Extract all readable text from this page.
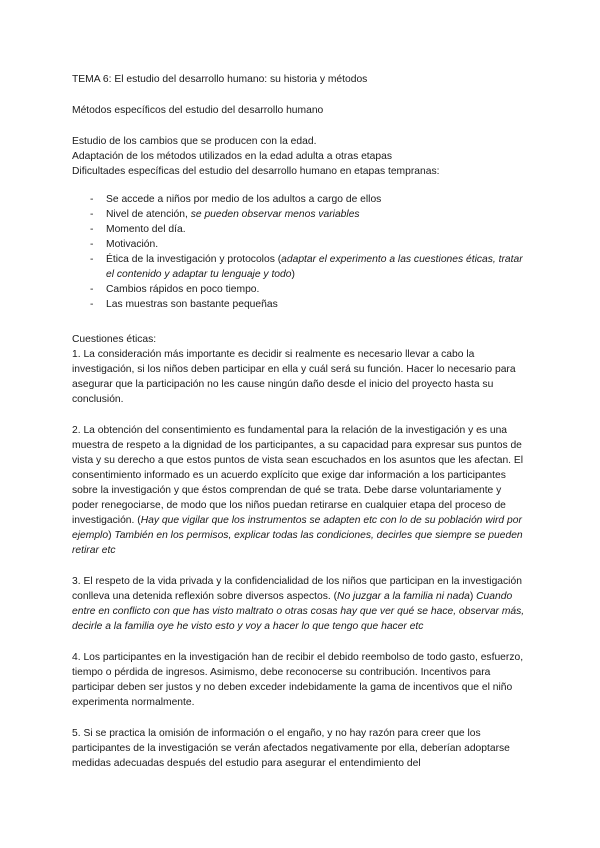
TEMA 6: El estudio del desarrollo humano: su historia y métodos

Métodos específicos del estudio del desarrollo humano

Estudio de los cambios que se producen con la edad.

Adaptación de los métodos utilizados en la edad adulta a otras etapas

Dificultades específicas del estudio del desarrollo humano en etapas tempranas:

- Se accede a niños por medio de los adultos a cargo de ellos
- Nivel de atención, se pueden observar menos variables
- Momento del día.
- Motivación.
- Ética de la investigación y protocolos (adaptar el experimento a las cuestiones éticas, tratar el contenido y adaptar tu lenguaje y todo)
- Cambios rápidos en poco tiempo.
- Las muestras son bastante pequeñas

Cuestiones éticas:

1. La consideración más importante es decidir si realmente es necesario llevar a cabo la investigación, si los niños deben participar en ella y cuál será su función. Hacer lo necesario para asegurar que la participación no les cause ningún daño desde el inicio del proyecto hasta su conclusión.

2. La obtención del consentimiento es fundamental para la relación de la investigación y es una muestra de respeto a la dignidad de los participantes, a su capacidad para expresar sus puntos de vista y su derecho a que estos puntos de vista sean escuchados en los asuntos que les afectan. El consentimiento informado es un acuerdo explícito que exige dar información a los participantes sobre la investigación y que éstos comprendan de qué se trata. Debe darse voluntariamente y poder renegociarse, de modo que los niños puedan retirarse en cualquier etapa del proceso de investigación. (Hay que vigilar que los instrumentos se adapten etc con lo de su población wird por ejemplo) También en los permisos, explicar todas las condiciones, decirles que siempre se pueden retirar etc

3. El respeto de la vida privada y la confidencialidad de los niños que participan en la investigación conlleva una detenida reflexión sobre diversos aspectos. (No juzgar a la familia ni nada) Cuando entre en conflicto con que has visto maltrato o otras cosas hay que ver qué se hace, observar más, decirle a la familia oye he visto esto y voy a hacer lo que tengo que hacer etc

4. Los participantes en la investigación han de recibir el debido reembolso de todo gasto, esfuerzo, tiempo o pérdida de ingresos. Asimismo, debe reconocerse su contribución. Incentivos para participar deben ser justos y no deben exceder indebidamente la gama de incentivos que el niño experimenta normalmente.

5. Si se practica la omisión de información o el engaño, y no hay razón para creer que los participantes de la investigación se verán afectados negativamente por ella, deberían adoptarse medidas adecuadas después del estudio para asegurar el entendimiento del
